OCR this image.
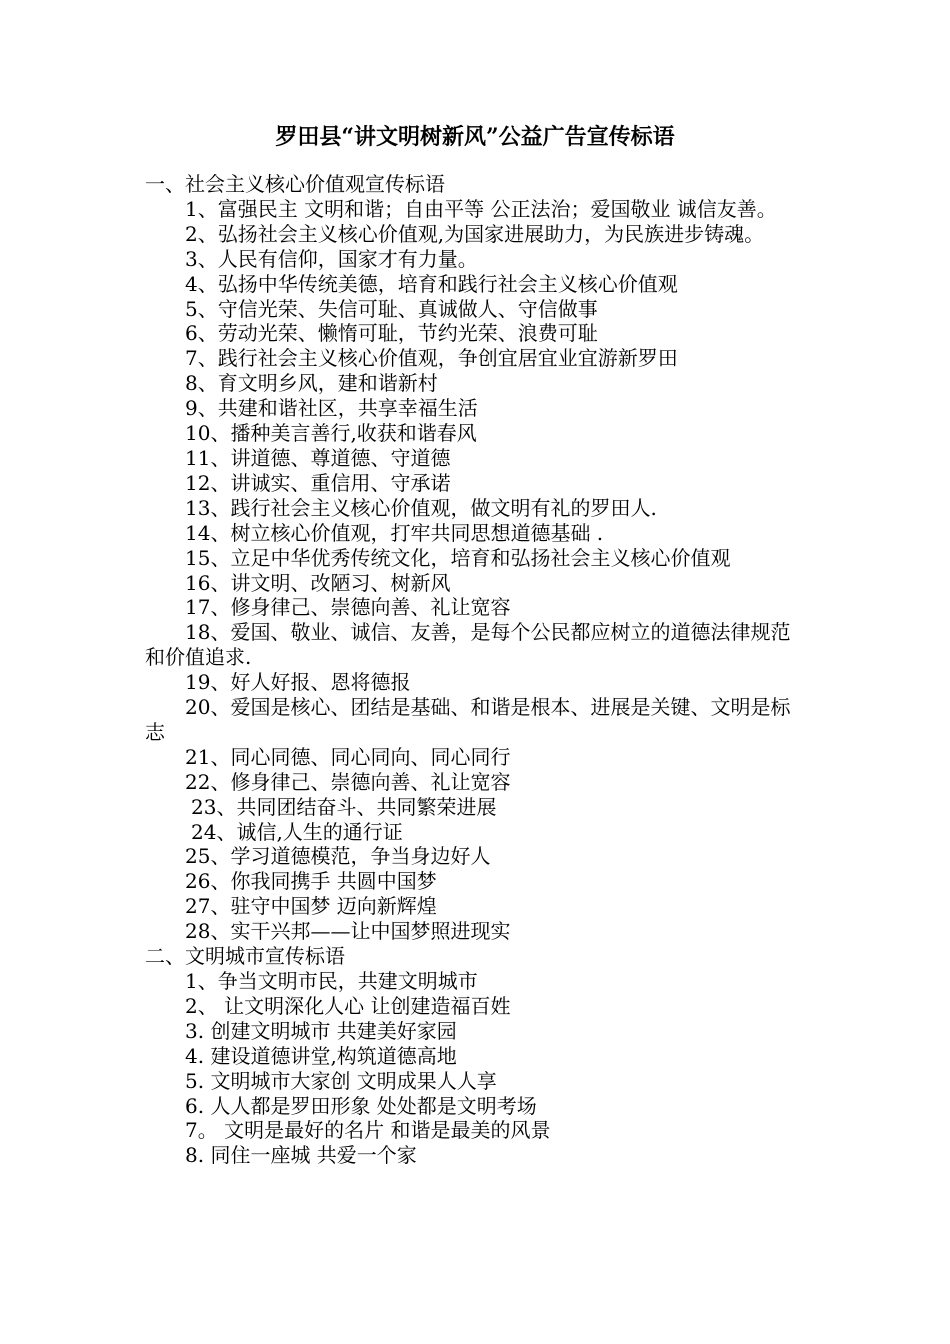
罗田县“讲文明树新风”公益广告宣传标语

一、社会主义核心价值观宣传标语

1、富强民主 文明和谐；自由平等 公正法治；爱国敬业 诚信友善。

2、弘扬社会主义核心价值观,为国家进展助力，为民族进步铸魂。

3、人民有信仰，国家才有力量。

4、弘扬中华传统美德，培育和践行社会主义核心价值观

5、守信光荣、失信可耻、真诚做人、守信做事

6、劳动光荣、懒惰可耻，节约光荣、浪费可耻

7、践行社会主义核心价值观，争创宜居宜业宜游新罗田

8、育文明乡风，建和谐新村

9、共建和谐社区，共享幸福生活

10、播种美言善行,收获和谐春风

11、讲道德、尊道德、守道德

12、讲诚实、重信用、守承诺

13、践行社会主义核心价值观，做文明有礼的罗田人.

14、树立核心价值观，打牢共同思想道德基础 .

15、立足中华优秀传统文化，培育和弘扬社会主义核心价值观

16、讲文明、改陋习、树新风

17、修身律己、崇德向善、礼让宽容

18、爱国、敬业、诚信、友善，是每个公民都应树立的道德法律规范和价值追求.

19、好人好报、恩将德报

20、爱国是核心、团结是基础、和谐是根本、进展是关键、文明是标志

21、同心同德、同心同向、同心同行

22、修身律己、崇德向善、礼让宽容

23、共同团结奋斗、共同繁荣进展

24、诚信,人生的通行证

25、学习道德模范，争当身边好人

26、你我同携手 共圆中国梦

27、驻守中国梦 迈向新辉煌

28、实干兴邦——让中国梦照进现实

二、文明城市宣传标语

1、争当文明市民，共建文明城市

2、 让文明深化人心 让创建造福百姓

3. 创建文明城市 共建美好家园

4. 建设道德讲堂,构筑道德高地

5. 文明城市大家创 文明成果人人享

6. 人人都是罗田形象 处处都是文明考场

7。 文明是最好的名片 和谐是最美的风景

8. 同住一座城 共爱一个家
